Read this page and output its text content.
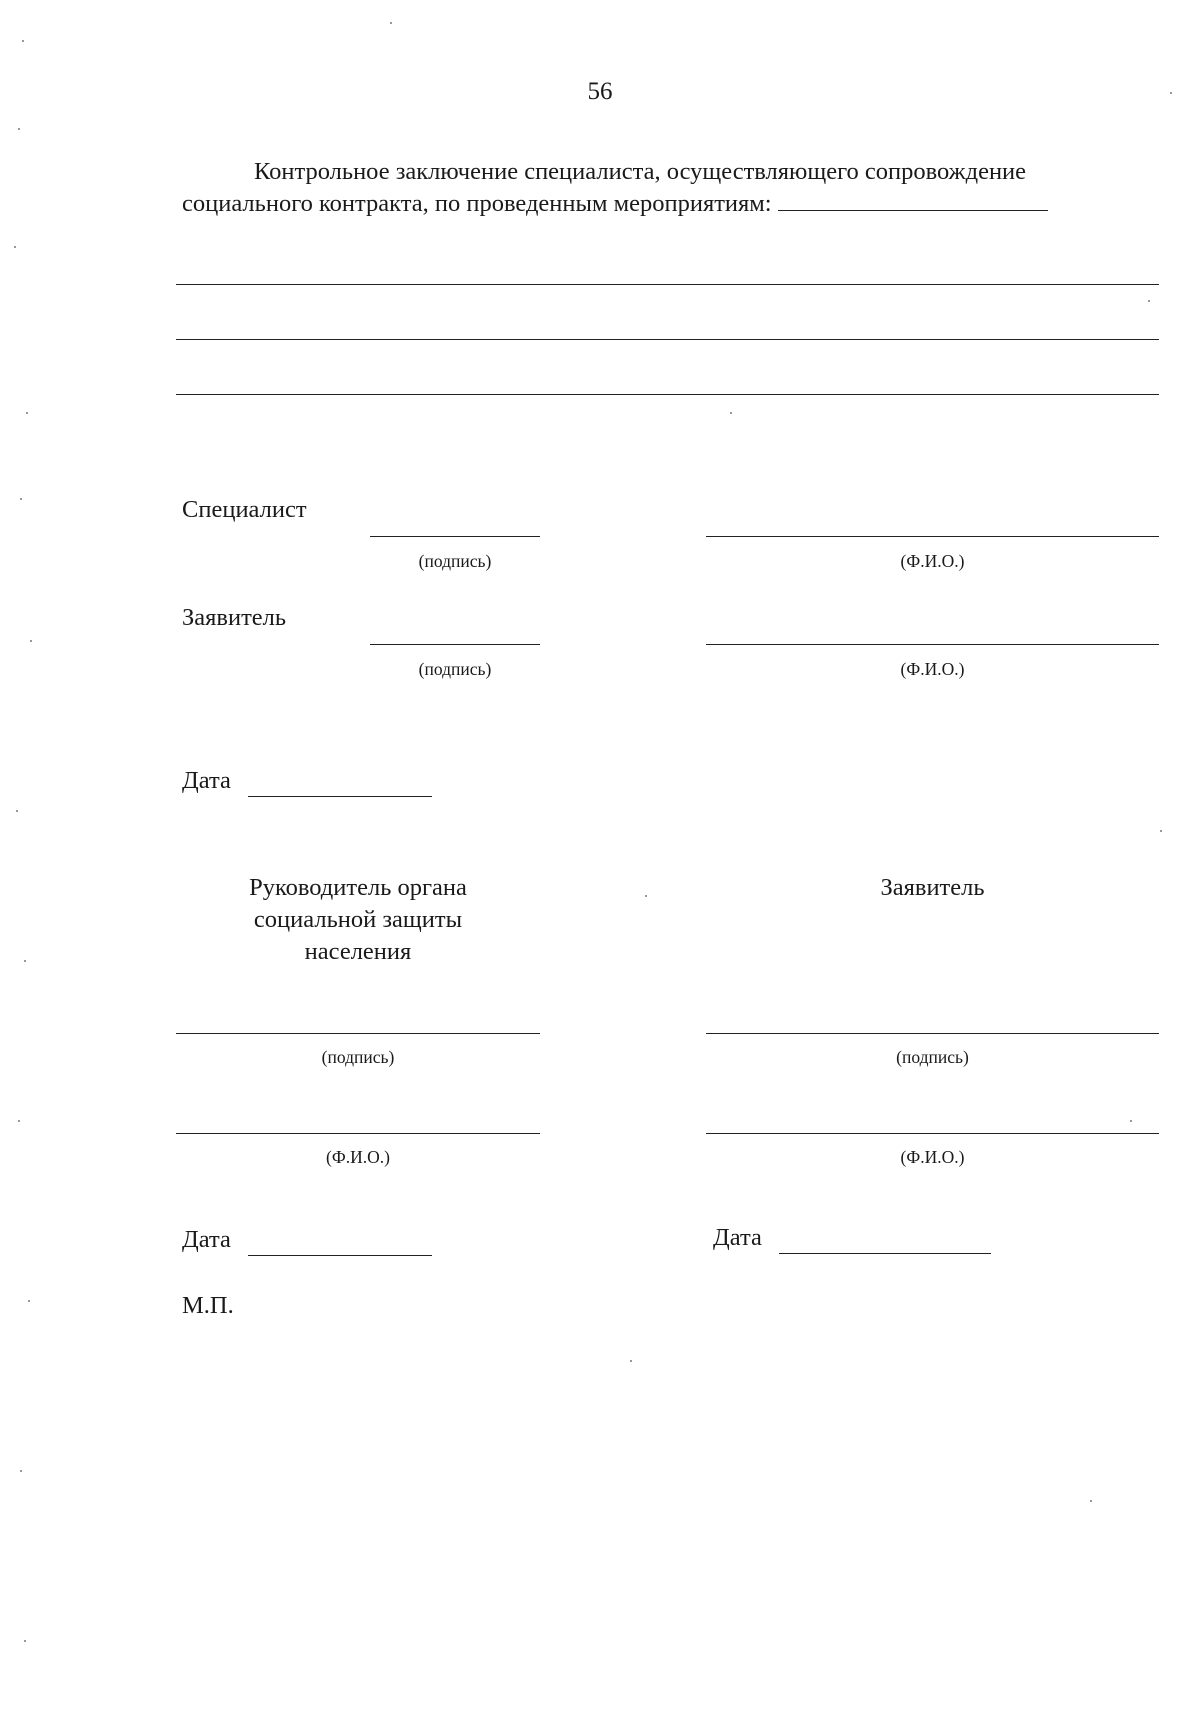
56
Контрольное заключение специалиста, осуществляющего сопровождение
социального контракта, по проведенным мероприятиям:
Специалист
(подпись)	(Ф.И.О.)
Заявитель
(подпись)	(Ф.И.О.)
Дата
Руководитель органа
социальной защиты
населения
Заявитель
(подпись)	(подпись)
(Ф.И.О.)	(Ф.И.О.)
Дата	Дата
М.П.
